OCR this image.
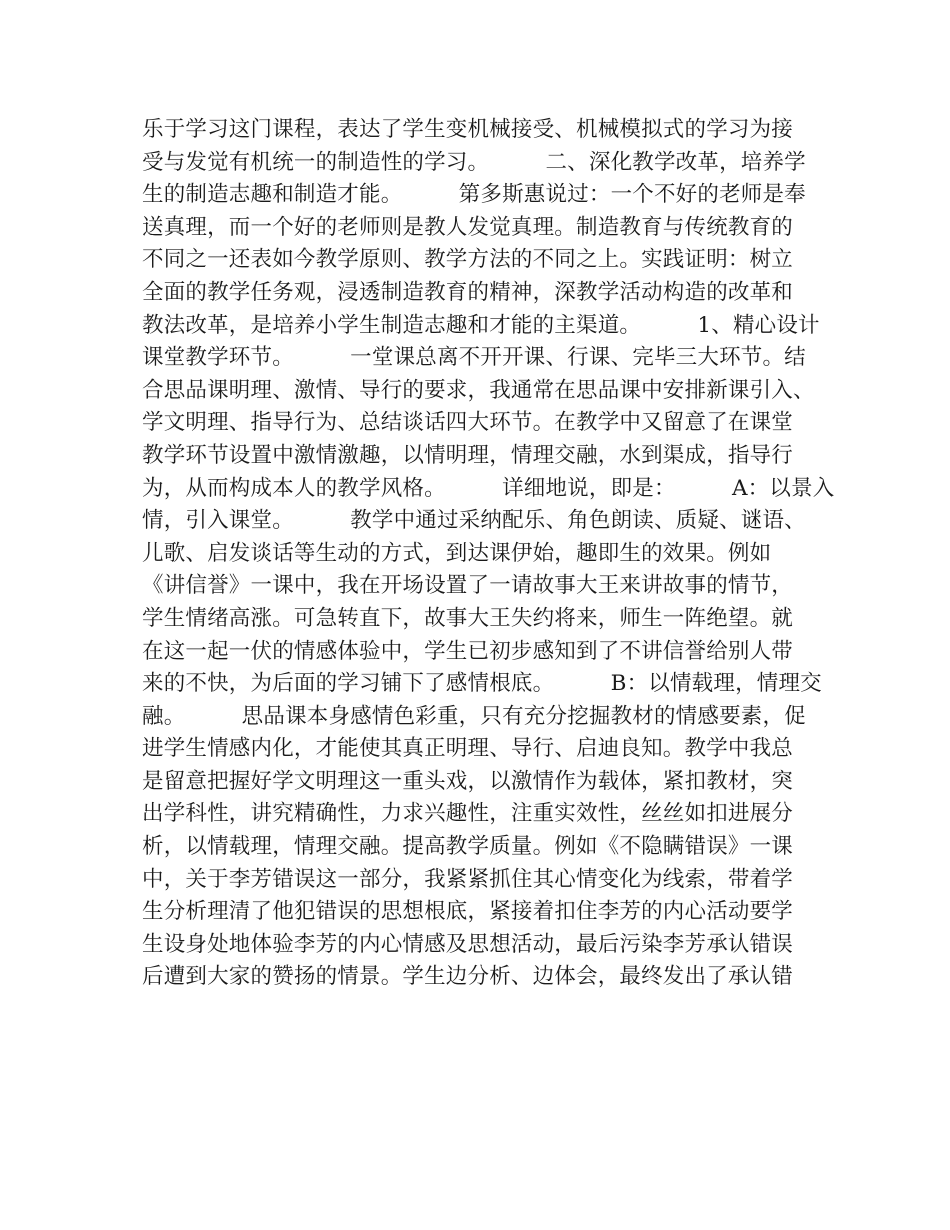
乐于学习这门课程，表达了学生变机械接受、机械模拟式的学习为接
受与发觉有机统一的制造性的学习。        二、深化教学改革，培养学
生的制造志趣和制造才能。        第多斯惠说过：一个不好的老师是奉
送真理，而一个好的老师则是教人发觉真理。制造教育与传统教育的
不同之一还表如今教学原则、教学方法的不同之上。实践证明：树立
全面的教学任务观，浸透制造教育的精神，深教学活动构造的改革和
教法改革，是培养小学生制造志趣和才能的主渠道。        1、精心设计
课堂教学环节。        一堂课总离不开开课、行课、完毕三大环节。结
合思品课明理、激情、导行的要求，我通常在思品课中安排新课引入、
学文明理、指导行为、总结谈话四大环节。在教学中又留意了在课堂
教学环节设置中激情激趣，以情明理，情理交融，水到渠成，指导行
为，从而构成本人的教学风格。        详细地说，即是：        A：以景入
情，引入课堂。        教学中通过采纳配乐、角色朗读、质疑、谜语、
儿歌、启发谈话等生动的方式，到达课伊始，趣即生的效果。例如
《讲信誉》一课中，我在开场设置了一请故事大王来讲故事的情节，
学生情绪高涨。可急转直下，故事大王失约将来，师生一阵绝望。就
在这一起一伏的情感体验中，学生已初步感知到了不讲信誉给别人带
来的不快，为后面的学习铺下了感情根底。        B：以情载理，情理交
融。        思品课本身感情色彩重，只有充分挖掘教材的情感要素，促
进学生情感内化，才能使其真正明理、导行、启迪良知。教学中我总
是留意把握好学文明理这一重头戏，以激情作为载体，紧扣教材，突
出学科性，讲究精确性，力求兴趣性，注重实效性，丝丝如扣进展分
析，以情载理，情理交融。提高教学质量。例如《不隐瞒错误》一课
中，关于李芳错误这一部分，我紧紧抓住其心情变化为线索，带着学
生分析理清了他犯错误的思想根底，紧接着扣住李芳的内心活动要学
生设身处地体验李芳的内心情感及思想活动，最后污染李芳承认错误
后遭到大家的赞扬的情景。学生边分析、边体会，最终发出了承认错
